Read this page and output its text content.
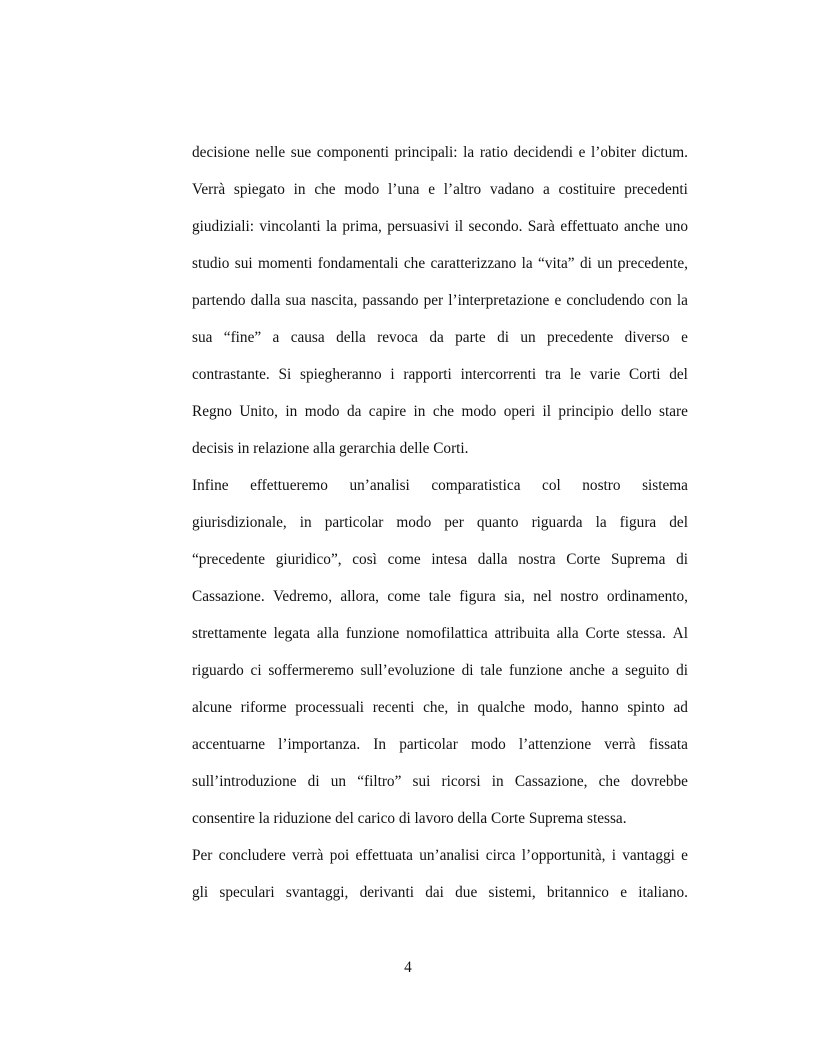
decisione nelle sue componenti principali: la ratio decidendi e l’obiter dictum.
Verrà spiegato in che modo l’una e l’altro vadano a costituire precedenti
giudiziali: vincolanti la prima, persuasivi il secondo. Sarà effettuato anche uno
studio sui momenti fondamentali che caratterizzano la “vita” di un precedente,
partendo dalla sua nascita, passando per l’interpretazione e concludendo con la
sua “fine” a causa della revoca da parte di un precedente diverso e
contrastante. Si spiegheranno i rapporti intercorrenti tra le varie Corti del
Regno Unito, in modo da capire in che modo operi il principio dello stare
decisis in relazione alla gerarchia delle Corti.
Infine effettueremo un’analisi comparatistica col nostro sistema
giurisdizionale, in particolar modo per quanto riguarda la figura del
“precedente giuridico”, così come intesa dalla nostra Corte Suprema di
Cassazione. Vedremo, allora, come tale figura sia, nel nostro ordinamento,
strettamente legata alla funzione nomofilattica attribuita alla Corte stessa. Al
riguardo ci soffermeremo sull’evoluzione di tale funzione anche a seguito di
alcune riforme processuali recenti che, in qualche modo, hanno spinto ad
accentuarne l’importanza. In particolar modo l’attenzione verrà fissata
sull’introduzione di un “filtro” sui ricorsi in Cassazione, che dovrebbe
consentire la riduzione del carico di lavoro della Corte Suprema stessa.
Per concludere verrà poi effettuata un’analisi circa l’opportunità, i vantaggi e
gli speculari svantaggi, derivanti dai due sistemi, britannico e italiano.
4
